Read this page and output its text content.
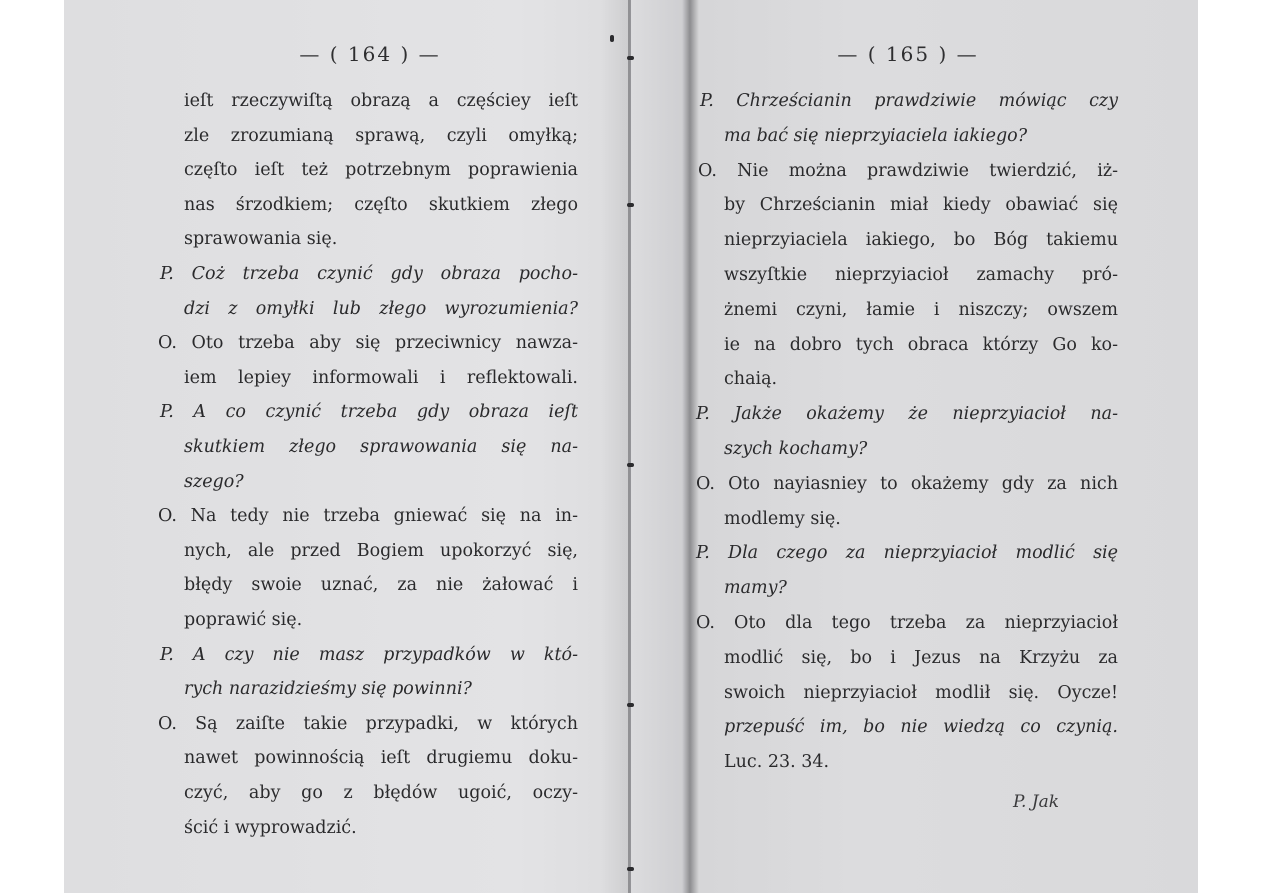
— ( 164 ) —
ieſt rzeczywiſtą obrazą a częściey ieſt
zle zrozumianą sprawą, czyli omyłką;
częſto ieſt też potrzebnym poprawienia
nas śrzodkiem; częſto skutkiem złego
sprawowania się.
P. Coż trzeba czynić gdy obraza pocho-
dzi z omyłki lub złego wyrozumienia?
O. Oto trzeba aby się przeciwnicy nawza-
iem lepiey informowali i reflektowali.
P. A co czynić trzeba gdy obraza ieſt
skutkiem złego sprawowania się na-
szego?
O. Na tedy nie trzeba gniewać się na in-
nych, ale przed Bogiem upokorzyć się,
błędy swoie uznać, za nie żałować i
poprawić się.
P. A czy nie masz przypadków w któ-
rych narazidzieśmy się powinni?
O. Są zaiſte takie przypadki, w których
nawet powinnością ieſt drugiemu doku-
czyć, aby go z błędów ugoić, oczy-
ścić i wyprowadzić.
— ( 165 ) —
P. Chrześcianin prawdziwie mówiąc czy
ma bać się nieprzyiaciela iakiego?
O. Nie można prawdziwie twierdzić, iż-
by Chrześcianin miał kiedy obawiać się
nieprzyiaciela iakiego, bo Bóg takiemu
wszyſtkie nieprzyiacioł zamachy pró-
żnemi czyni, łamie i niszczy; owszem
ie na dobro tych obraca którzy Go ko-
chaią.
P. Jakże okażemy że nieprzyiacioł na-
szych kochamy?
O. Oto nayiasniey to okażemy gdy za nich
modlemy się.
P. Dla czego za nieprzyiacioł modlić się
mamy?
O. Oto dla tego trzeba za nieprzyiacioł
modlić się, bo i Jezus na Krzyżu za
swoich nieprzyiacioł modlił się. Oycze!
przepuść im, bo nie wiedzą co czynią.
Luc. 23. 34.
P. Jak
